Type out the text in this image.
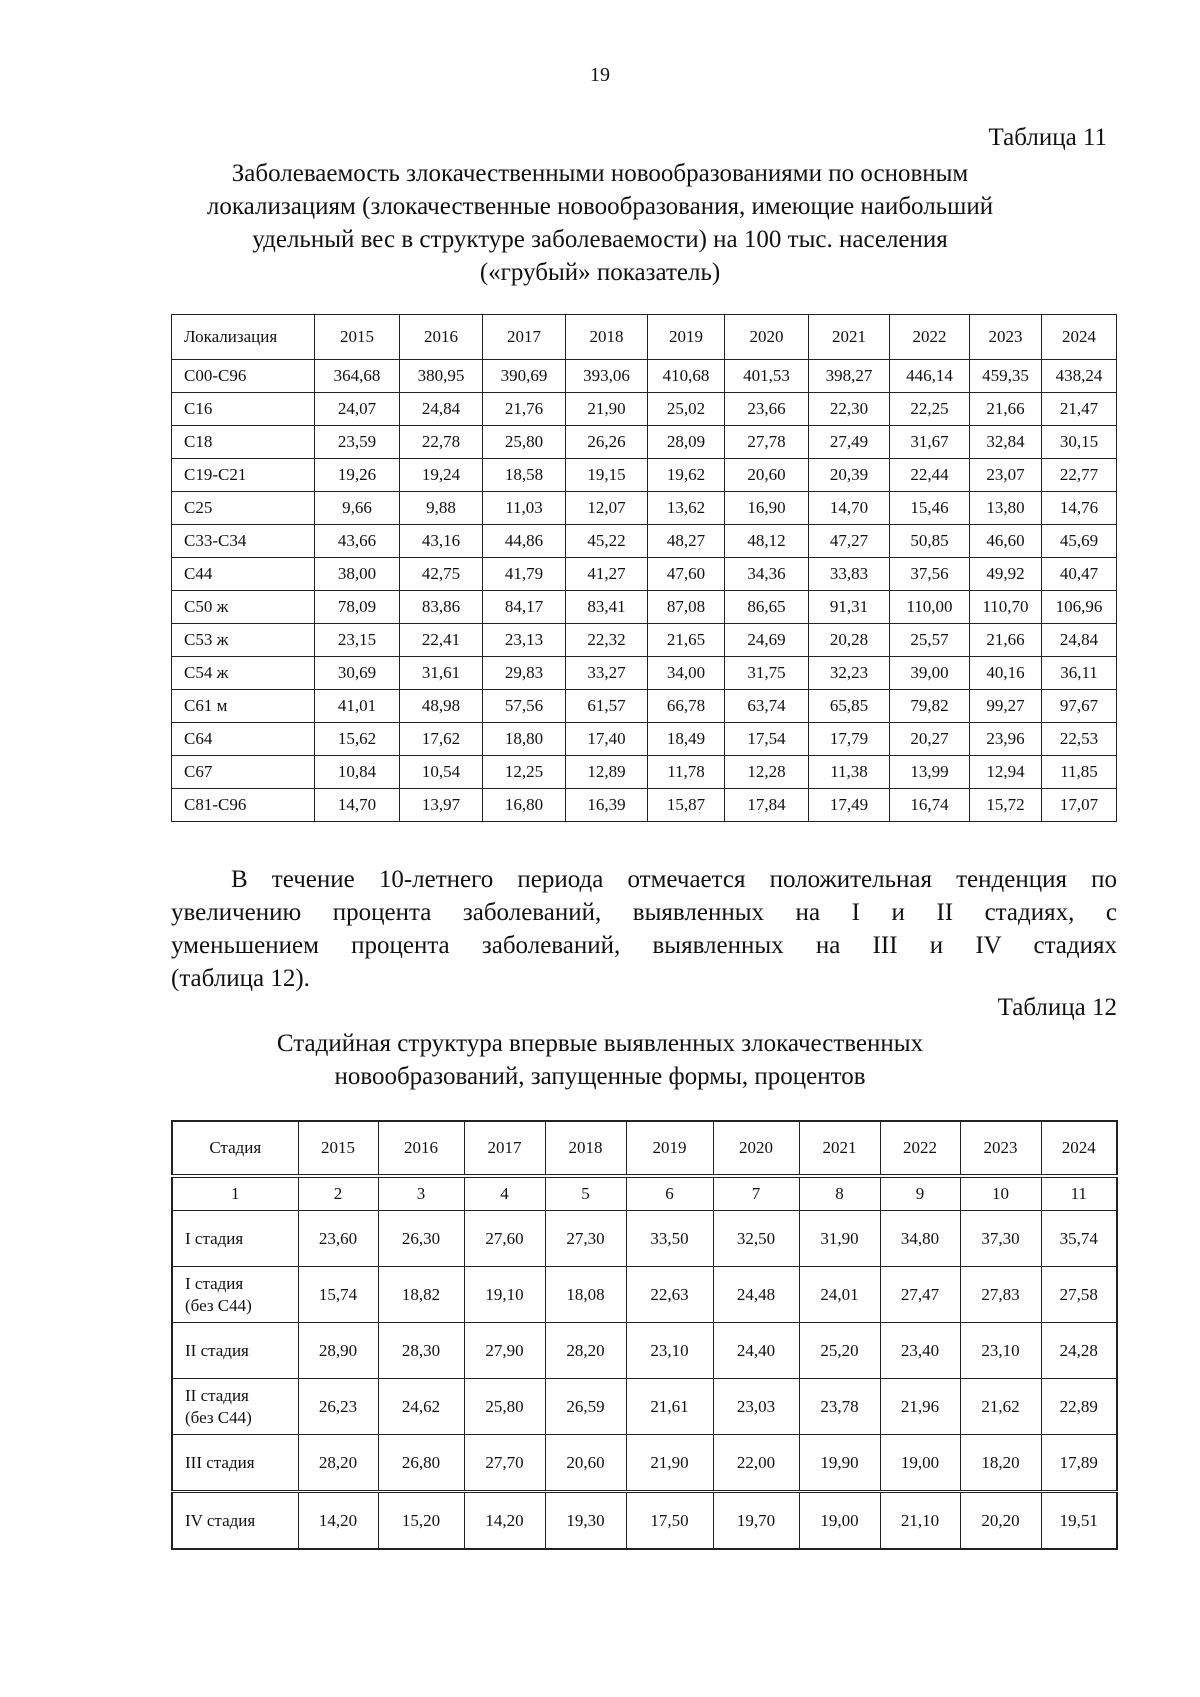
19
Таблица 11
Заболеваемость злокачественными новообразованиями по основным
локализациям (злокачественные новообразования, имеющие наибольший
удельный вес в структуре заболеваемости) на 100 тыс. населения
(«грубый» показатель)
Локализация	2015	2016	2017	2018	2019	2020	2021	2022	2023	2024
С00-С96	364,68	380,95	390,69	393,06	410,68	401,53	398,27	446,14	459,35	438,24
С16	24,07	24,84	21,76	21,90	25,02	23,66	22,30	22,25	21,66	21,47
С18	23,59	22,78	25,80	26,26	28,09	27,78	27,49	31,67	32,84	30,15
С19-С21	19,26	19,24	18,58	19,15	19,62	20,60	20,39	22,44	23,07	22,77
С25	9,66	9,88	11,03	12,07	13,62	16,90	14,70	15,46	13,80	14,76
С33-С34	43,66	43,16	44,86	45,22	48,27	48,12	47,27	50,85	46,60	45,69
С44	38,00	42,75	41,79	41,27	47,60	34,36	33,83	37,56	49,92	40,47
С50 ж	78,09	83,86	84,17	83,41	87,08	86,65	91,31	110,00	110,70	106,96
С53 ж	23,15	22,41	23,13	22,32	21,65	24,69	20,28	25,57	21,66	24,84
С54 ж	30,69	31,61	29,83	33,27	34,00	31,75	32,23	39,00	40,16	36,11
С61 м	41,01	48,98	57,56	61,57	66,78	63,74	65,85	79,82	99,27	97,67
С64	15,62	17,62	18,80	17,40	18,49	17,54	17,79	20,27	23,96	22,53
С67	10,84	10,54	12,25	12,89	11,78	12,28	11,38	13,99	12,94	11,85
С81-С96	14,70	13,97	16,80	16,39	15,87	17,84	17,49	16,74	15,72	17,07
В течение 10-летнего периода отмечается положительная тенденция по
увеличению процента заболеваний, выявленных на I и II стадиях, с
уменьшением процента заболеваний, выявленных на III и IV стадиях
(таблица 12).
Таблица 12
Стадийная структура впервые выявленных злокачественных
новообразований, запущенные формы, процентов
Стадия	2015	2016	2017	2018	2019	2020	2021	2022	2023	2024
1	2	3	4	5	6	7	8	9	10	11
I стадия	23,60	26,30	27,60	27,30	33,50	32,50	31,90	34,80	37,30	35,74
I стадия
(без С44)	15,74	18,82	19,10	18,08	22,63	24,48	24,01	27,47	27,83	27,58
II стадия	28,90	28,30	27,90	28,20	23,10	24,40	25,20	23,40	23,10	24,28
II стадия
(без С44)	26,23	24,62	25,80	26,59	21,61	23,03	23,78	21,96	21,62	22,89
III стадия	28,20	26,80	27,70	20,60	21,90	22,00	19,90	19,00	18,20	17,89
IV стадия	14,20	15,20	14,20	19,30	17,50	19,70	19,00	21,10	20,20	19,51
